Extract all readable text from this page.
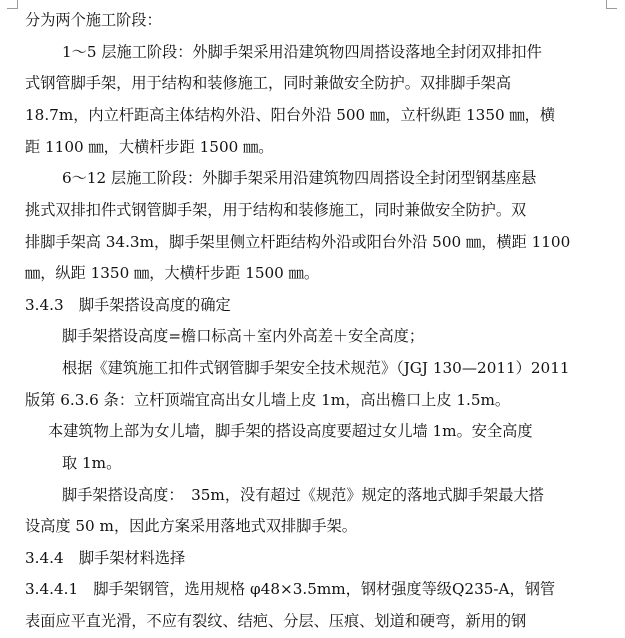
分为两个施工阶段：
1～5 层施工阶段：外脚手架采用沿建筑物四周搭设落地全封闭双排扣件
式钢管脚手架，用于结构和装修施工，同时兼做安全防护。双排脚手架高
18.7m，内立杆距高主体结构外沿、阳台外沿 500 ㎜，立杆纵距 1350 ㎜，横
距 1100 ㎜，大横杆步距 1500 ㎜。
6～12 层施工阶段：外脚手架采用沿建筑物四周搭设全封闭型钢基座悬
挑式双排扣件式钢管脚手架，用于结构和装修施工，同时兼做安全防护。双
排脚手架高 34.3m，脚手架里侧立杆距结构外沿或阳台外沿 500 ㎜，横距 1100
㎜，纵距 1350 ㎜，大横杆步距 1500 ㎜。
3.4.3　脚手架搭设高度的确定
脚手架搭设高度=檐口标高＋室内外高差＋安全高度；
根据《建筑施工扣件式钢管脚手架安全技术规范》（JGJ 130—2011）2011
版第 6.3.6 条：立杆顶端宜高出女儿墙上皮 1m，高出檐口上皮 1.5m。
本建筑物上部为女儿墙，脚手架的搭设高度要超过女儿墙 1m。安全高度
取 1m。
脚手架搭设高度：　35m，没有超过《规范》规定的落地式脚手架最大搭
设高度 50 m，因此方案采用落地式双排脚手架。
3.4.4　脚手架材料选择
3.4.4.1　脚手架钢管，选用规格 φ48×3.5mm，钢材强度等级Q235-A，钢管
表面应平直光滑，不应有裂纹、结疤、分层、压痕、划道和硬弯，新用的钢
